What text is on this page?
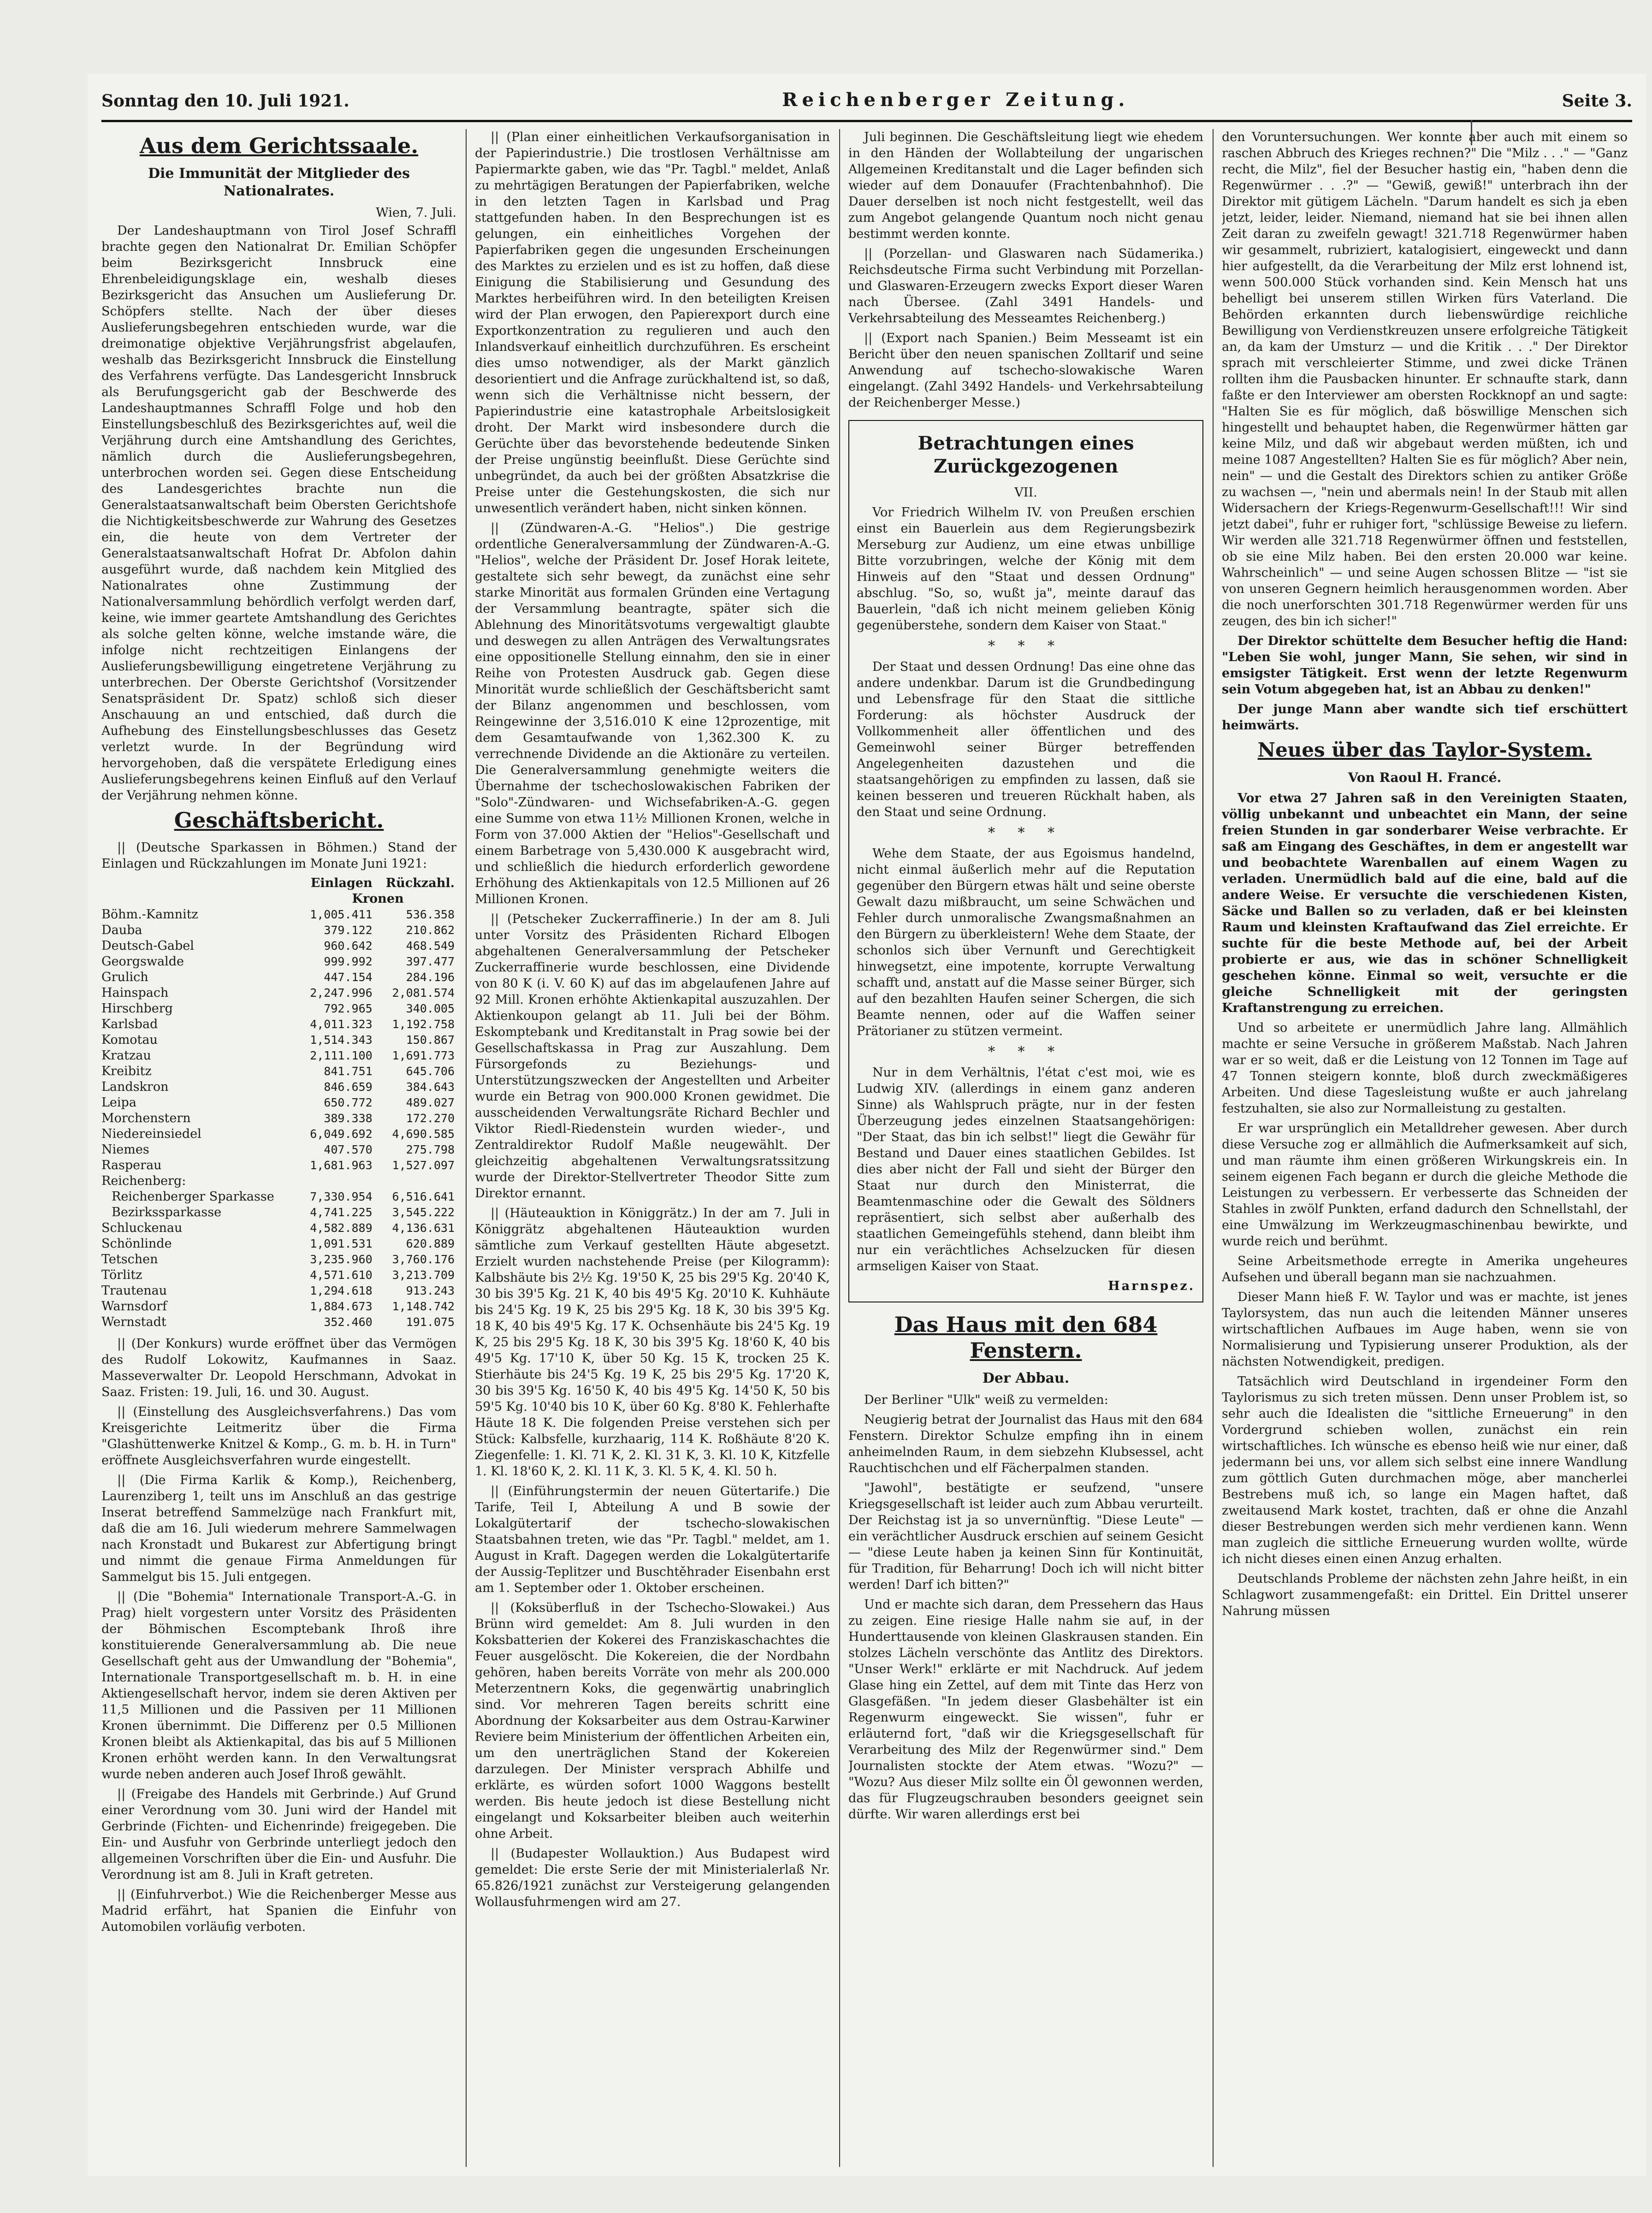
Sonntag den 10. Juli 1921.	Reichenberger Zeitung.	Seite 3.
Aus dem Gerichtssaale.
Die Immunität der Mitglieder des Nationalrates.
Wien, 7. Juli.

Der Landeshauptmann von Tirol Josef Schraffl brachte gegen den Nationalrat Dr. Emilian Schöpfer beim Bezirksgericht Innsbruck eine Ehrenbeleidigungsklage ein, weshalb dieses Bezirksgericht das Ansuchen um Auslieferung Dr. Schöpfers stellte. Nach der über dieses Auslieferungsbegehren entschieden wurde, war die dreimonatige objektive Verjährungsfrist abgelaufen, weshalb das Bezirksgericht Innsbruck die Einstellung des Verfahrens verfügte. Das Landesgericht Innsbruck als Berufungsgericht gab der Beschwerde des Landeshauptmannes Schraffl Folge und hob den Einstellungsbeschluß des Bezirksgerichtes auf, weil die Verjährung durch eine Amtshandlung des Gerichtes, nämlich durch die Auslieferungsbegehren, unterbrochen worden sei. Gegen diese Entscheidung des Landesgerichtes brachte nun die Generalstaatsanwaltschaft beim Obersten Gerichtshofe die Nichtigkeitsbeschwerde zur Wahrung des Gesetzes ein, die heute von dem Vertreter der Generalstaatsanwaltschaft Hofrat Dr. Abfolon dahin ausgeführt wurde, daß nachdem kein Mitglied des Nationalrates ohne Zustimmung der Nationalversammlung behördlich verfolgt werden darf, keine, wie immer geartete Amtshandlung des Gerichtes als solche gelten könne, welche imstande wäre, die infolge nicht rechtzeitigen Einlangens der Auslieferungsbewilligung eingetretene Verjährung zu unterbrechen. Der Oberste Gerichtshof (Vorsitzender Senatspräsident Dr. Spatz) schloß sich dieser Anschauung an und entschied, daß durch die Aufhebung des Einstellungsbeschlusses das Gesetz verletzt wurde. In der Begründung wird hervorgehoben, daß die verspätete Erledigung eines Auslieferungsbegehrens keinen Einfluß auf den Verlauf der Verjährung nehmen könne.

Geschäftsbericht.

|| (Deutsche Sparkassen in Böhmen.) Stand der Einlagen und Rückzahlungen im Monate Juni 1921:

	Einlagen	Rückzahl.
	Kronen	
Böhm.-Kamnitz	1,005.411	536.358
Dauba	379.122	210.862
Deutsch-Gabel	960.642	468.549
Georgswalde	999.992	397.477
Grulich	447.154	284.196
Hainspach	2,247.996	2,081.574
Hirschberg	792.965	340.005
Karlsbad	4,011.323	1,192.758
Komotau	1,514.343	150.867
Kratzau	2,111.100	1,691.773
Kreibitz	841.751	645.706
Landskron	846.659	384.643
Leipa	650.772	489.027
Morchenstern	389.338	172.270
Niedereinsiedel	6,049.692	4,690.585
Niemes	407.570	275.798
Rasperau	1,681.963	1,527.097
Reichenberg:		
Reichenberger Sparkasse	7,330.954	6,516.641
Bezirkssparkasse	4,741.225	3,545.222
Schluckenau	4,582.889	4,136.631
Schönlinde	1,091.531	620.889
Tetschen	3,235.960	3,760.176
Törlitz	4,571.610	3,213.709
Trautenau	1,294.618	913.243
Warnsdorf	1,884.673	1,148.742
Wernstadt	352.460	191.075

|| (Der Konkurs) wurde eröffnet über das Vermögen des Rudolf Lokowitz, Kaufmannes in Saaz. Masseverwalter Dr. Leopold Herschmann, Advokat in Saaz. Fristen: 19. Juli, 16. und 30. August.

|| (Einstellung des Ausgleichsverfahrens.) Das vom Kreisgerichte Leitmeritz über die Firma "Glashüttenwerke Knitzel & Komp., G. m. b. H. in Turn" eröffnete Ausgleichsverfahren wurde eingestellt.

|| (Die Firma Karlik & Komp.), Reichenberg, Laurenziberg 1, teilt uns im Anschluß an das gestrige Inserat betreffend Sammelzüge nach Frankfurt mit, daß die am 16. Juli wiederum mehrere Sammelwagen nach Kronstadt und Bukarest zur Abfertigung bringt und nimmt die genaue Firma Anmeldungen für Sammelgut bis 15. Juli entgegen.

|| (Die "Bohemia" Internationale Transport-A.-G. in Prag) hielt vorgestern unter Vorsitz des Präsidenten der Böhmischen Escomptebank Ihroß ihre konstituierende Generalversammlung ab. Die neue Gesellschaft geht aus der Umwandlung der "Bohemia", Internationale Transportgesellschaft m. b. H. in eine Aktiengesellschaft hervor, indem sie deren Aktiven per 11,5 Millionen und die Passiven per 11 Millionen Kronen übernimmt. Die Differenz per 0.5 Millionen Kronen bleibt als Aktienkapital, das bis auf 5 Millionen Kronen erhöht werden kann. In den Verwaltungsrat wurde neben anderen auch Josef Ihroß gewählt.

|| (Freigabe des Handels mit Gerbrinde.) Auf Grund einer Verordnung vom 30. Juni wird der Handel mit Gerbrinde (Fichten- und Eichenrinde) freigegeben. Die Ein- und Ausfuhr von Gerbrinde unterliegt jedoch den allgemeinen Vorschriften über die Ein- und Ausfuhr. Die Verordnung ist am 8. Juli in Kraft getreten.

|| (Einfuhrverbot.) Wie die Reichenberger Messe aus Madrid erfährt, hat Spanien die Einfuhr von Automobilen vorläufig verboten.

|| (Plan einer einheitlichen Verkaufsorganisation in der Papierindustrie.) Die trostlosen Verhältnisse am Papiermarkte gaben, wie das "Pr. Tagbl." meldet, Anlaß zu mehrtägigen Beratungen der Papierfabriken, welche in den letzten Tagen in Karlsbad und Prag stattgefunden haben. In den Besprechungen ist es gelungen, ein einheitliches Vorgehen der Papierfabriken gegen die ungesunden Erscheinungen des Marktes zu erzielen und es ist zu hoffen, daß diese Einigung die Stabilisierung und Gesundung des Marktes herbeiführen wird. In den beteiligten Kreisen wird der Plan erwogen, den Papierexport durch eine Exportkonzentration zu regulieren und auch den Inlandsverkauf einheitlich durchzuführen. Es erscheint dies umso notwendiger, als der Markt gänzlich desorientiert und die Anfrage zurückhaltend ist, so daß, wenn sich die Verhältnisse nicht bessern, der Papierindustrie eine katastrophale Arbeitslosigkeit droht. Der Markt wird insbesondere durch die Gerüchte über das bevorstehende bedeutende Sinken der Preise ungünstig beeinflußt. Diese Gerüchte sind unbegründet, da auch bei der größten Absatzkrise die Preise unter die Gestehungskosten, die sich nur unwesentlich verändert haben, nicht sinken können.

|| (Zündwaren-A.-G. "Helios".) Die gestrige ordentliche Generalversammlung der Zündwaren-A.-G. "Helios", welche der Präsident Dr. Josef Horak leitete, gestaltete sich sehr bewegt, da zunächst eine sehr starke Minorität aus formalen Gründen eine Vertagung der Versammlung beantragte, später sich die Ablehnung des Minoritätsvotums vergewaltigt glaubte und deswegen zu allen Anträgen des Verwaltungsrates eine oppositionelle Stellung einnahm, den sie in einer Reihe von Protesten Ausdruck gab. Gegen diese Minorität wurde schließlich der Geschäftsbericht samt der Bilanz angenommen und beschlossen, vom Reingewinne der 3,516.010 K eine 12prozentige, mit dem Gesamtaufwande von 1,362.300 K. zu verrechnende Dividende an die Aktionäre zu verteilen. Die Generalversammlung genehmigte weiters die Übernahme der tschechoslowakischen Fabriken der "Solo"-Zündwaren- und Wichsefabriken-A.-G. gegen eine Summe von etwa 11½ Millionen Kronen, welche in Form von 37.000 Aktien der "Helios"-Gesellschaft und einem Barbetrage von 5,430.000 K ausgebracht wird, und schließlich die hiedurch erforderlich gewordene Erhöhung des Aktienkapitals von 12.5 Millionen auf 26 Millionen Kronen.

|| (Petscheker Zuckerraffinerie.) In der am 8. Juli unter Vorsitz des Präsidenten Richard Elbogen abgehaltenen Generalversammlung der Petscheker Zuckerraffinerie wurde beschlossen, eine Dividende von 80 K (i. V. 60 K) auf das im abgelaufenen Jahre auf 92 Mill. Kronen erhöhte Aktienkapital auszuzahlen. Der Aktienkoupon gelangt ab 11. Juli bei der Böhm. Eskomptebank und Kreditanstalt in Prag sowie bei der Gesellschaftskassa in Prag zur Auszahlung. Dem Fürsorgefonds zu Beziehungs- und Unterstützungszwecken der Angestellten und Arbeiter wurde ein Betrag von 900.000 Kronen gewidmet. Die ausscheidenden Verwaltungsräte Richard Bechler und Viktor Riedl-Riedenstein wurden wieder-, und Zentraldirektor Rudolf Maßle neugewählt. Der gleichzeitig abgehaltenen Verwaltungsratssitzung wurde der Direktor-Stellvertreter Theodor Sitte zum Direktor ernannt.

|| (Häuteauktion in Königgrätz.) In der am 7. Juli in Königgrätz abgehaltenen Häuteauktion wurden sämtliche zum Verkauf gestellten Häute abgesetzt. Erzielt wurden nachstehende Preise (per Kilogramm): Kalbshäute bis 2½ Kg. 19'50 K, 25 bis 29'5 Kg. 20'40 K, 30 bis 39'5 Kg. 21 K, 40 bis 49'5 Kg. 20'10 K. Kuhhäute bis 24'5 Kg. 19 K, 25 bis 29'5 Kg. 18 K, 30 bis 39'5 Kg. 18 K, 40 bis 49'5 Kg. 17 K. Ochsenhäute bis 24'5 Kg. 19 K, 25 bis 29'5 Kg. 18 K, 30 bis 39'5 Kg. 18'60 K, 40 bis 49'5 Kg. 17'10 K, über 50 Kg. 15 K, trocken 25 K. Stierhäute bis 24'5 Kg. 19 K, 25 bis 29'5 Kg. 17'20 K, 30 bis 39'5 Kg. 16'50 K, 40 bis 49'5 Kg. 14'50 K, 50 bis 59'5 Kg. 10'40 bis 10 K, über 60 Kg. 8'80 K. Fehlerhafte Häute 18 K. Die folgenden Preise verstehen sich per Stück: Kalbsfelle, kurzhaarig, 114 K. Roßhäute 8'20 K. Ziegenfelle: 1. Kl. 71 K, 2. Kl. 31 K, 3. Kl. 10 K, Kitzfelle 1. Kl. 18'60 K, 2. Kl. 11 K, 3. Kl. 5 K, 4. Kl. 50 h.

|| (Einführungstermin der neuen Gütertarife.) Die Tarife, Teil I, Abteilung A und B sowie der Lokalgütertarif der tschecho-slowakischen Staatsbahnen treten, wie das "Pr. Tagbl." meldet, am 1. August in Kraft. Dagegen werden die Lokalgütertarife der Aussig-Teplitzer und Buschtěhrader Eisenbahn erst am 1. September oder 1. Oktober erscheinen.

|| (Koksüberfluß in der Tschecho-Slowakei.) Aus Brünn wird gemeldet: Am 8. Juli wurden in den Koksbatterien der Kokerei des Franziskaschachtes die Feuer ausgelöscht. Die Kokereien, die der Nordbahn gehören, haben bereits Vorräte von mehr als 200.000 Meterzentnern Koks, die gegenwärtig unabringlich sind. Vor mehreren Tagen bereits schritt eine Abordnung der Koksarbeiter aus dem Ostrau-Karwiner Reviere beim Ministerium der öffentlichen Arbeiten ein, um den unerträglichen Stand der Kokereien darzulegen. Der Minister versprach Abhilfe und erklärte, es würden sofort 1000 Waggons bestellt werden. Bis heute jedoch ist diese Bestellung nicht eingelangt und Koksarbeiter bleiben auch weiterhin ohne Arbeit.

|| (Budapester Wollauktion.) Aus Budapest wird gemeldet: Die erste Serie der mit Ministerialerlaß Nr. 65.826/1921 zunächst zur Versteigerung gelangenden Wollausfuhrmengen wird am 27.

Juli beginnen. Die Geschäftsleitung liegt wie ehedem in den Händen der Wollabteilung der ungarischen Allgemeinen Kreditanstalt und die Lager befinden sich wieder auf dem Donauufer (Frachtenbahnhof). Die Dauer derselben ist noch nicht festgestellt, weil das zum Angebot gelangende Quantum noch nicht genau bestimmt werden konnte.

|| (Porzellan- und Glaswaren nach Südamerika.) Reichsdeutsche Firma sucht Verbindung mit Porzellan- und Glaswaren-Erzeugern zwecks Export dieser Waren nach Übersee. (Zahl 3491 Handels- und Verkehrsabteilung des Messeamtes Reichenberg.)

|| (Export nach Spanien.) Beim Messeamt ist ein Bericht über den neuen spanischen Zolltarif und seine Anwendung auf tschecho-slowakische Waren eingelangt. (Zahl 3492 Handels- und Verkehrsabteilung der Reichenberger Messe.)

Betrachtungen eines Zurückgezogenen
VII.

Vor Friedrich Wilhelm IV. von Preußen erschien einst ein Bauerlein aus dem Regierungsbezirk Merseburg zur Audienz, um eine etwas unbillige Bitte vorzubringen, welche der König mit dem Hinweis auf den "Staat und dessen Ordnung" abschlug. "So, so, wußt ja", meinte darauf das Bauerlein, "daß ich nicht meinem gelieben König gegenüberstehe, sondern dem Kaiser von Staat."

* * *

Der Staat und dessen Ordnung! Das eine ohne das andere undenkbar. Darum ist die Grundbedingung und Lebensfrage für den Staat die sittliche Forderung: als höchster Ausdruck der Vollkommenheit aller öffentlichen und des Gemeinwohl seiner Bürger betreffenden Angelegenheiten dazustehen und die staatsangehörigen zu empfinden zu lassen, daß sie keinen besseren und treueren Rückhalt haben, als den Staat und seine Ordnung.

* * *

Wehe dem Staate, der aus Egoismus handelnd, nicht einmal äußerlich mehr auf die Reputation gegenüber den Bürgern etwas hält und seine oberste Gewalt dazu mißbraucht, um seine Schwächen und Fehler durch unmoralische Zwangsmaßnahmen an den Bürgern zu überkleistern! Wehe dem Staate, der schonlos sich über Vernunft und Gerechtigkeit hinwegsetzt, eine impotente, korrupte Verwaltung schafft und, anstatt auf die Masse seiner Bürger, sich auf den bezahlten Haufen seiner Schergen, die sich Beamte nennen, oder auf die Waffen seiner Prätorianer zu stützen vermeint.

* * *

Nur in dem Verhältnis, l'état c'est moi, wie es Ludwig XIV. (allerdings in einem ganz anderen Sinne) als Wahlspruch prägte, nur in der festen Überzeugung jedes einzelnen Staatsangehörigen: "Der Staat, das bin ich selbst!" liegt die Gewähr für Bestand und Dauer eines staatlichen Gebildes. Ist dies aber nicht der Fall und sieht der Bürger den Staat nur durch den Ministerrat, die Beamtenmaschine oder die Gewalt des Söldners repräsentiert, sich selbst aber außerhalb des staatlichen Gemeingefühls stehend, dann bleibt ihm nur ein verächtliches Achselzucken für diesen armseligen Kaiser von Staat.

Harnspez.
Das Haus mit den 684 Fenstern.
Der Abbau.

Der Berliner "Ulk" weiß zu vermelden:

Neugierig betrat der Journalist das Haus mit den 684 Fenstern. Direktor Schulze empfing ihn in einem anheimelnden Raum, in dem siebzehn Klubsessel, acht Rauchtischchen und elf Fächerpalmen standen.

"Jawohl", bestätigte er seufzend, "unsere Kriegsgesellschaft ist leider auch zum Abbau verurteilt. Der Reichstag ist ja so unvernünftig. "Diese Leute" — ein verächtlicher Ausdruck erschien auf seinem Gesicht — "diese Leute haben ja keinen Sinn für Kontinuität, für Tradition, für Beharrung! Doch ich will nicht bitter werden! Darf ich bitten?"

Und er machte sich daran, dem Pressehern das Haus zu zeigen. Eine riesige Halle nahm sie auf, in der Hunderttausende von kleinen Glaskrausen standen. Ein stolzes Lächeln verschönte das Antlitz des Direktors. "Unser Werk!" erklärte er mit Nachdruck. Auf jedem Glase hing ein Zettel, auf dem mit Tinte das Herz von Glasgefäßen. "In jedem dieser Glasbehälter ist ein Regenwurm eingeweckt. Sie wissen", fuhr er erläuternd fort, "daß wir die Kriegsgesellschaft für Verarbeitung des Milz der Regenwürmer sind." Dem Journalisten stockte der Atem etwas. "Wozu?" — "Wozu? Aus dieser Milz sollte ein Öl gewonnen werden, das für Flugzeugschrauben besonders geeignet sein dürfte. Wir waren allerdings erst bei

den Voruntersuchungen. Wer konnte aber auch mit einem so raschen Abbruch des Krieges rechnen?" Die "Milz . . ." — "Ganz recht, die Milz", fiel der Besucher hastig ein, "haben denn die Regenwürmer . . .?" — "Gewiß, gewiß!" unterbrach ihn der Direktor mit gütigem Lächeln. "Darum handelt es sich ja eben jetzt, leider, leider. Niemand, niemand hat sie bei ihnen allen Zeit daran zu zweifeln gewagt! 321.718 Regenwürmer haben wir gesammelt, rubriziert, katalogisiert, eingeweckt und dann hier aufgestellt, da die Verarbeitung der Milz erst lohnend ist, wenn 500.000 Stück vorhanden sind. Kein Mensch hat uns behelligt bei unserem stillen Wirken fürs Vaterland. Die Behörden erkannten durch liebenswürdige reichliche Bewilligung von Verdienstkreuzen unsere erfolgreiche Tätigkeit an, da kam der Umsturz — und die Kritik . . ." Der Direktor sprach mit verschleierter Stimme, und zwei dicke Tränen rollten ihm die Pausbacken hinunter. Er schnaufte stark, dann faßte er den Interviewer am obersten Rockknopf an und sagte: "Halten Sie es für möglich, daß böswillige Menschen sich hingestellt und behauptet haben, die Regenwürmer hätten gar keine Milz, und daß wir abgebaut werden müßten, ich und meine 1087 Angestellten? Halten Sie es für möglich? Aber nein, nein" — und die Gestalt des Direktors schien zu antiker Größe zu wachsen —, "nein und abermals nein! In der Staub mit allen Widersachern der Kriegs-Regenwurm-Gesellschaft!!! Wir sind jetzt dabei", fuhr er ruhiger fort, "schlüssige Beweise zu liefern. Wir werden alle 321.718 Regenwürmer öffnen und feststellen, ob sie eine Milz haben. Bei den ersten 20.000 war keine. Wahrscheinlich" — und seine Augen schossen Blitze — "ist sie von unseren Gegnern heimlich herausgenommen worden. Aber die noch unerforschten 301.718 Regenwürmer werden für uns zeugen, des bin ich sicher!"

Der Direktor schüttelte dem Besucher heftig die Hand: "Leben Sie wohl, junger Mann, Sie sehen, wir sind in emsigster Tätigkeit. Erst wenn der letzte Regenwurm sein Votum abgegeben hat, ist an Abbau zu denken!"

Der junge Mann aber wandte sich tief erschüttert heimwärts.

Neues über das Taylor-System.
Von Raoul H. Francé.

Vor etwa 27 Jahren saß in den Vereinigten Staaten, völlig unbekannt und unbeachtet ein Mann, der seine freien Stunden in gar sonderbarer Weise verbrachte. Er saß am Eingang des Geschäftes, in dem er angestellt war und beobachtete Warenballen auf einem Wagen zu verladen. Unermüdlich bald auf die eine, bald auf die andere Weise. Er versuchte die verschiedenen Kisten, Säcke und Ballen so zu verladen, daß er bei kleinsten Raum und kleinsten Kraftaufwand das Ziel erreichte. Er suchte für die beste Methode auf, bei der Arbeit probierte er aus, wie das in schöner Schnelligkeit geschehen könne. Einmal so weit, versuchte er die gleiche Schnelligkeit mit der geringsten Kraftanstrengung zu erreichen.

Und so arbeitete er unermüdlich Jahre lang. Allmählich machte er seine Versuche in größerem Maßstab. Nach Jahren war er so weit, daß er die Leistung von 12 Tonnen im Tage auf 47 Tonnen steigern konnte, bloß durch zweckmäßigeres Arbeiten. Und diese Tagesleistung wußte er auch jahrelang festzuhalten, sie also zur Normalleistung zu gestalten.

Er war ursprünglich ein Metalldreher gewesen. Aber durch diese Versuche zog er allmählich die Aufmerksamkeit auf sich, und man räumte ihm einen größeren Wirkungskreis ein. In seinem eigenen Fach begann er durch die gleiche Methode die Leistungen zu verbessern. Er verbesserte das Schneiden der Stahles in zwölf Punkten, erfand dadurch den Schnellstahl, der eine Umwälzung im Werkzeugmaschinenbau bewirkte, und wurde reich und berühmt.

Seine Arbeitsmethode erregte in Amerika ungeheures Aufsehen und überall begann man sie nachzuahmen.

Dieser Mann hieß F. W. Taylor und was er machte, ist jenes Taylorsystem, das nun auch die leitenden Männer unseres wirtschaftlichen Aufbaues im Auge haben, wenn sie von Normalisierung und Typisierung unserer Produktion, als der nächsten Notwendigkeit, predigen.

Tatsächlich wird Deutschland in irgendeiner Form den Taylorismus zu sich treten müssen. Denn unser Problem ist, so sehr auch die Idealisten die "sittliche Erneuerung" in den Vordergrund schieben wollen, zunächst ein rein wirtschaftliches. Ich wünsche es ebenso heiß wie nur einer, daß jedermann bei uns, vor allem sich selbst eine innere Wandlung zum göttlich Guten durchmachen möge, aber mancherlei Bestrebens muß ich, so lange ein Magen haftet, daß zweitausend Mark kostet, trachten, daß er ohne die Anzahl dieser Bestrebungen werden sich mehr verdienen kann. Wenn man zugleich die sittliche Erneuerung wurden wollte, würde ich nicht dieses einen einen Anzug erhalten.

Deutschlands Probleme der nächsten zehn Jahre heißt, in ein Schlagwort zusammengefaßt: ein Drittel. Ein Drittel unserer Nahrung müssen
